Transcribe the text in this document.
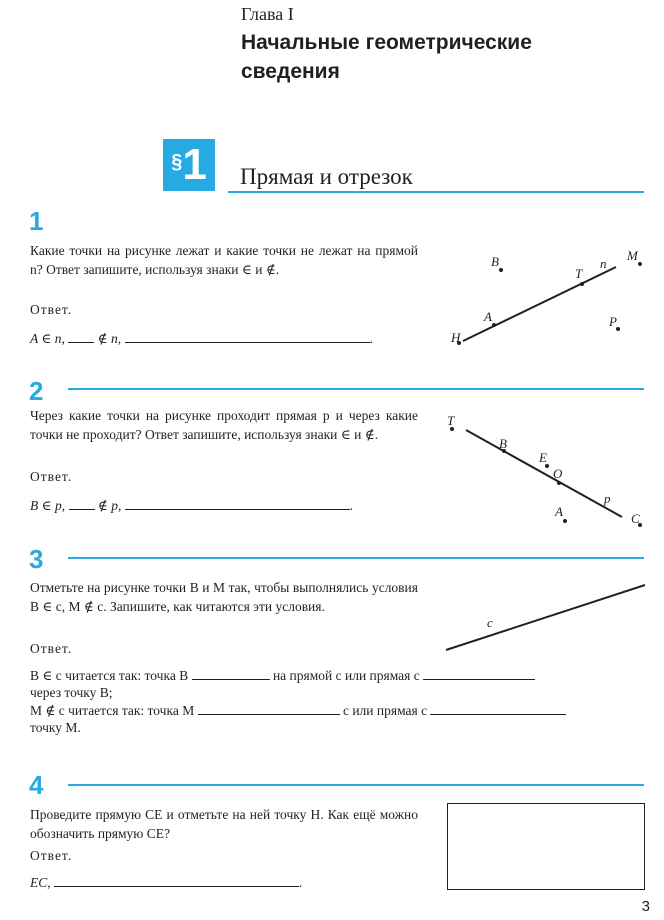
Глава I
Начальные геометрические
сведения
§ 1 Прямая и отрезок
1
Какие точки на рисунке лежат и какие точки не лежат на прямой n? Ответ запишите, используя знаки ∈ и ∉.
Ответ.
A ∈ n, ∉ n,	.
B	M
T
n
A	P
H
2
Через какие точки на рисунке проходит прямая p и через какие точки не проходит? Ответ запишите, используя знаки ∈ и ∉.
Ответ.
B ∈ p, ∉ p,	.
T
B
E
O
p
A	C
3
Отметьте на рисунке точки B и M так, чтобы выполнялись условия B ∈ c, M ∉ c. Запишите, как читаются эти условия.
c
Ответ.
B ∈ c читается так: точка B	на прямой c или прямая c
через точку B;
M ∉ c читается так: точка M	c или прямая c
точку M.
4
Проведите прямую CE и отметьте на ней точку H. Как ещё можно обозначить прямую CE?
Ответ.
EC,	.
3
